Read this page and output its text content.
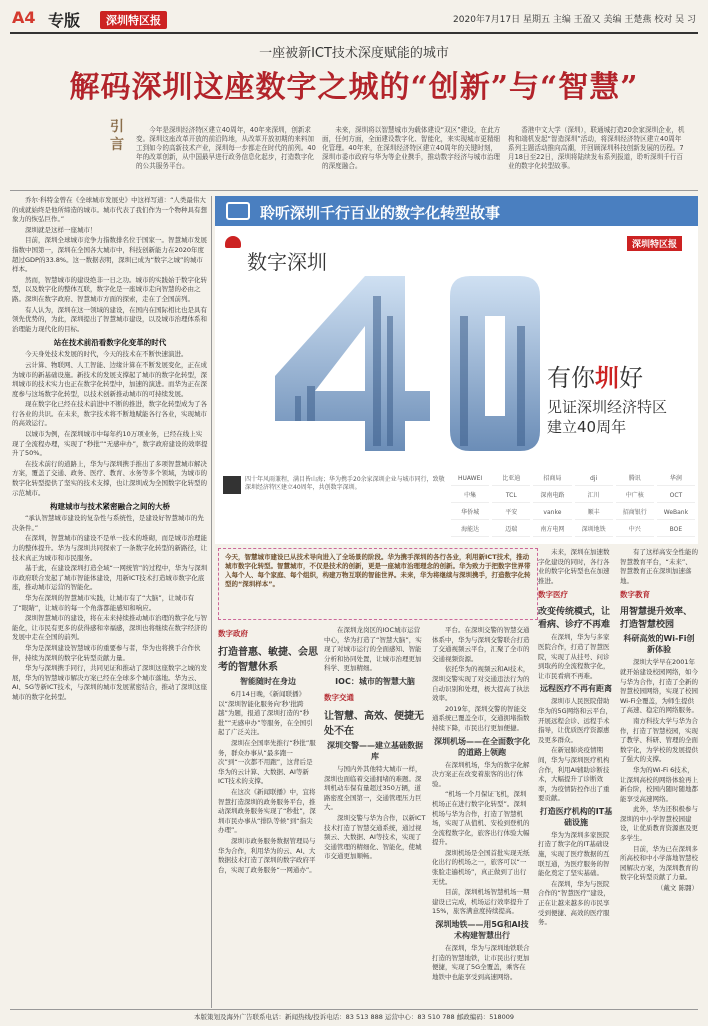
A4 专版	深圳特区报	2020年7月17日 星期五 主编 王盈又 美编 王楚燕 校对 吴 习
一座被新ICT技术深度赋能的城市
解码深圳这座数字之城的“创新”与“智慧”
引言
今年是深圳经济特区建立40周年，40年来深圳，创新求变。深圳这座改革开放的前沿阵地，从改革开放初期的来料加工到如今的高新技术产业，深圳每一步都走在时代的前列。40年的改革创新，从中国最早进行政务信息化起步，打造数字化的公共服务平台。
未来，深圳将以智慧城市为载体建设“双区”建设，在此方面，任何方面，全面建设数字化、智能化，来实现城市更精细化管理。40年来，在深圳经济特区建立40周年的关键时刻，深圳市委市政府与华为等企业携手，推动数字经济与城市治理的深度融合。
香港中文大学（深圳），联通城打造20余家深圳企业，机构和端机发起“智造深圳”活动，将深圳经济特区建立40周年系列主题活动推向高潮，并回顾深圳科技创新发展的历程。7月18日至22日，深圳将陆续发布系列报道，聆听深圳千行百业的数字化转型故事。

乔尔·科特金曾在《全球城市发展史》中这样写道：“人类最伟大的成就始终是他所缔造的城市。城市代表了我们作为一个物种具有想象力的恢弘巨作。”

深圳就是这样一座城市！

目前，深圳全球城市竞争力指数排名位于国家一。智慧城市发展指数中国第一，深圳在全国各大城市中，科技创新能力在2020年度超过GDP的33.8%。这一数据表明，深圳已成为“数字之城”的城市样本。

然而，智慧城市的建设绝非一日之功。城市的实践始于数字化转型，以及数字化的整体互联，数字化是一座城市走向智慧的必由之路。深圳在数字政府、智慧城市方面的探索，走在了全国前列。

有人认为，深圳在这一领域的建设，在国内在国际相比也是具有领先优势的，为此，深圳提出了智慧城市建设，以及城市治理体系和治理能力现代化的目标。

站在技术前沿看数字化变革的时代

今天身处技术发展的时代，今天的技术在不断快速演进。

云计算、物联网、人工智能、边缘计算在不断发展变化，正在成为城市的新基础设施。新技术的发展支撑起了城市的数字化转型，深圳城市的技术实力也正在数字化转型中，加速的演进。而华为正在深度参与这场数字化转型，以技术创新推动城市的可持续发展。

现在数字化已经在技术前进中不断的推进，数字化转型成为了各行各业的共识。在未来，数字技术将不断地赋能各行各业，实现城市的高效运行。

以城市为例，在深圳城市中每年约10万项业务，已经在线上实现了全流程办理，实现了“秒批”“无感申办”，数字政府建设的效率提升了50%。

在技术前行的道路上，华为与深圳携手推出了多项智慧城市解决方案，覆盖了交通、政务、医疗、教育、水务等多个领域，为城市的数字化转型提供了坚实的技术支撑，也让深圳成为全国数字化转型的示范城市。

构建城市与技术紧密融合之间的大桥

“承认智慧城市建设的复杂性与系统性，是建设好智慧城市的先决条件。”

在深圳，智慧城市的建设不是单一技术的堆砌，而是城市治理能力的整体提升。华为与深圳共同探索了一条数字化转型的新路径，让技术真正为城市和市民服务。

基于此，在建设深圳打造全域“一网统管”的过程中，华为与深圳市政府联合发起了城市智能体建设，用新ICT技术打造城市数字化底座，推动城市运营的智能化。

华为在深圳的智慧城市实践，让城市有了“大脑”，让城市有了“眼睛”，让城市的每一个角落都能感知和响应。

深圳智慧城市的建设，将在未来持续推动城市治理的数字化与智能化，让市民有更多的获得感和幸福感，深圳也将继续在数字经济的发展中走在全国的前列。

华为是深圳建设智慧城市的重要参与者，华为也将携手合作伙伴，持续为深圳的数字化转型贡献力量。

华为与深圳携手同行，共同见证和推动了深圳这座数字之城的发展，华为的智慧城市解决方案已经在全球多个城市落地。华为云、AI、5G等新ICT技术，与深圳的城市发展紧密结合，推动了深圳这座城市的数字化转型。

聆听深圳千行百业的数字化转型故事
深圳特区报
数字深圳
有你圳好
见证深圳经济特区
建立40周年
四十年风雨兼程，满目皆山海；华为携手20余家深圳企业与城市同行，致敬深圳经济特区建立40周年，共创数字深圳。
HUAWEI	比亚迪	招商局	dji	腾讯	华润
中集	TCL	深南电路	汇川	中广核	OCT
华侨城	平安	vanke	顺丰	招商银行	WeBank
海能达	迈瑞	南方电网	深圳地铁	中兴	BOE
今天，智慧城市建设已从技术导向进入了全场景的阶段。华为携手深圳的各行各业，利用新ICT技术，推动城市数字化转型。智慧城市，不仅是技术的创新，更是一座城市治理理念的创新。华为致力于把数字世界带入每个人、每个家庭、每个组织，构建万物互联的智能世界。未来，华为将继续与深圳携手，打造数字化转型的“深圳样本”。
数字政府
打造普惠、敏捷、会思考的智慧休系
智能随时在身边

6月14日晚，《新闻联播》以“深圳智能化服务向‘秒’批跨越”为题，报道了深圳打造的“秒批”“无感申办”等服务，在全国引起了广泛关注。

深圳在全国率先推行“秒批”服务，群众办事从“最多跑一次”到“一次都不用跑”，这背后是华为的云计算、大数据、AI等新ICT技术的支撑。

在这次《新闻联播》中，宜将智慧打造深圳的政务服务平台，推动深圳政务服务实现了“秒批”，深圳市民办事从“排队等候”到“指尖办理”。

深圳市政务服务数据管理局与华为合作，利用华为的云、AI、大数据技术打造了深圳的数字政府平台，实现了政务服务“一网通办”。

在深圳龙岗区的IOC城市运营中心，华为打造了“智慧大脑”，实现了对城市运行的全面感知、智能分析和协同处置，让城市治理更加科学、更加精细。

IOC：城市的智慧大脑
数字交通
让智慧、高效、便捷无处不在
深圳交警——建立基础数据库

与国内外其他特大城市一样，深圳也面临着交通拥堵的难题。深圳机动车保有量超过350万辆，道路密度全国第一，交通管理压力巨大。

深圳交警与华为合作，以新ICT技术打造了智慧交通系统，通过视频云、大数据、AI等技术，实现了交通管理的精细化、智能化，使城市交通更加顺畅。

平台。在深圳交警的智慧交通体系中，华为与深圳交警联合打造了交通视频云平台，汇聚了全市的交通视频资源。

依托华为的视频云和AI技术，深圳交警实现了对交通违法行为的自动识别和处理，极大提高了执法效率。

2019年，深圳交警的智能交通系统已覆盖全市，交通拥堵指数持续下降，市民出行更加便捷。

深圳机场——在全面数字化的道路上领跑

在深圳机场，华为的数字化解决方案正在改变着旅客的出行体验。

“机场一个月保证飞机，深圳机场正在进行数字化转型”。深圳机场与华为合作，打造了智慧机场，实现了从值机、安检到登机的全流程数字化，旅客出行体验大幅提升。

深圳机场是全国首批实现无纸化出行的机场之一，旅客可以“一张脸走遍机场”，真正做到了出行无忧。

目前，深圳机场智慧机场一期建设已完成，机场运行效率提升了15%，旅客满意度持续提高。

深圳地铁——用5G和AI技术构建智慧出行

在深圳，华为与深圳地铁联合打造的智慧地铁，让市民出行更加便捷，实现了5G全覆盖，乘客在地铁中也能享受到高速网络。

未来，深圳在加速数字化建设的同时，各行各业的数字化转型也在加速推进。

数字医疗
改变传统模式，让看病、诊疗不再难

在深圳，华为与多家医院合作，打造了智慧医院，实现了从挂号、问诊到取药的全流程数字化，让市民看病不再难。

远程医疗不再有距离

深圳市人民医院借助华为的5G网络和云平台，开展远程会诊、远程手术指导，让优质医疗资源惠及更多群众。

在新冠肺炎疫情期间，华为与深圳医疗机构合作，利用AI辅助诊断技术，大幅提升了诊断效率，为疫情防控作出了重要贡献。

打造医疗机构的IT基础设施

华为为深圳多家医院打造了数字化的IT基础设施，实现了医疗数据的互联互通，为医疗服务的智能化奠定了坚实基础。

在深圳，华为与医院合作的“智慧医疗”建设，正在让越来越多的市民享受到便捷、高效的医疗服务。

有了这样高安全性能的智慧教育平台，“未来”、智慧教育正在深圳加速落地。

数字教育
用智慧提升效率、打造智慧校园
科研高效的Wi-Fi创新体验

深圳大学早在2001年就开始建设校园网络，如今与华为合作，打造了全新的智慧校园网络，实现了校园Wi-Fi全覆盖，为师生提供了高速、稳定的网络服务。

南方科技大学与华为合作，打造了智慧校园，实现了教学、科研、管理的全面数字化，为学校的发展提供了强大的支撑。

华为的Wi-Fi 6技术，让深圳高校的网络体验再上新台阶，校园内随时随地都能享受高速网络。

此外，华为还积极参与深圳的中小学智慧校园建设，让优质教育资源惠及更多学生。

目前，华为已在深圳多所高校和中小学落地智慧校园解决方案，为深圳教育的数字化转型贡献了力量。

（戴文 陈翾）

本版策划及海外广告联系电话：新闻热线/投诉电话：83 513 888 运营中心：83 510 788 邮政编码：518009
